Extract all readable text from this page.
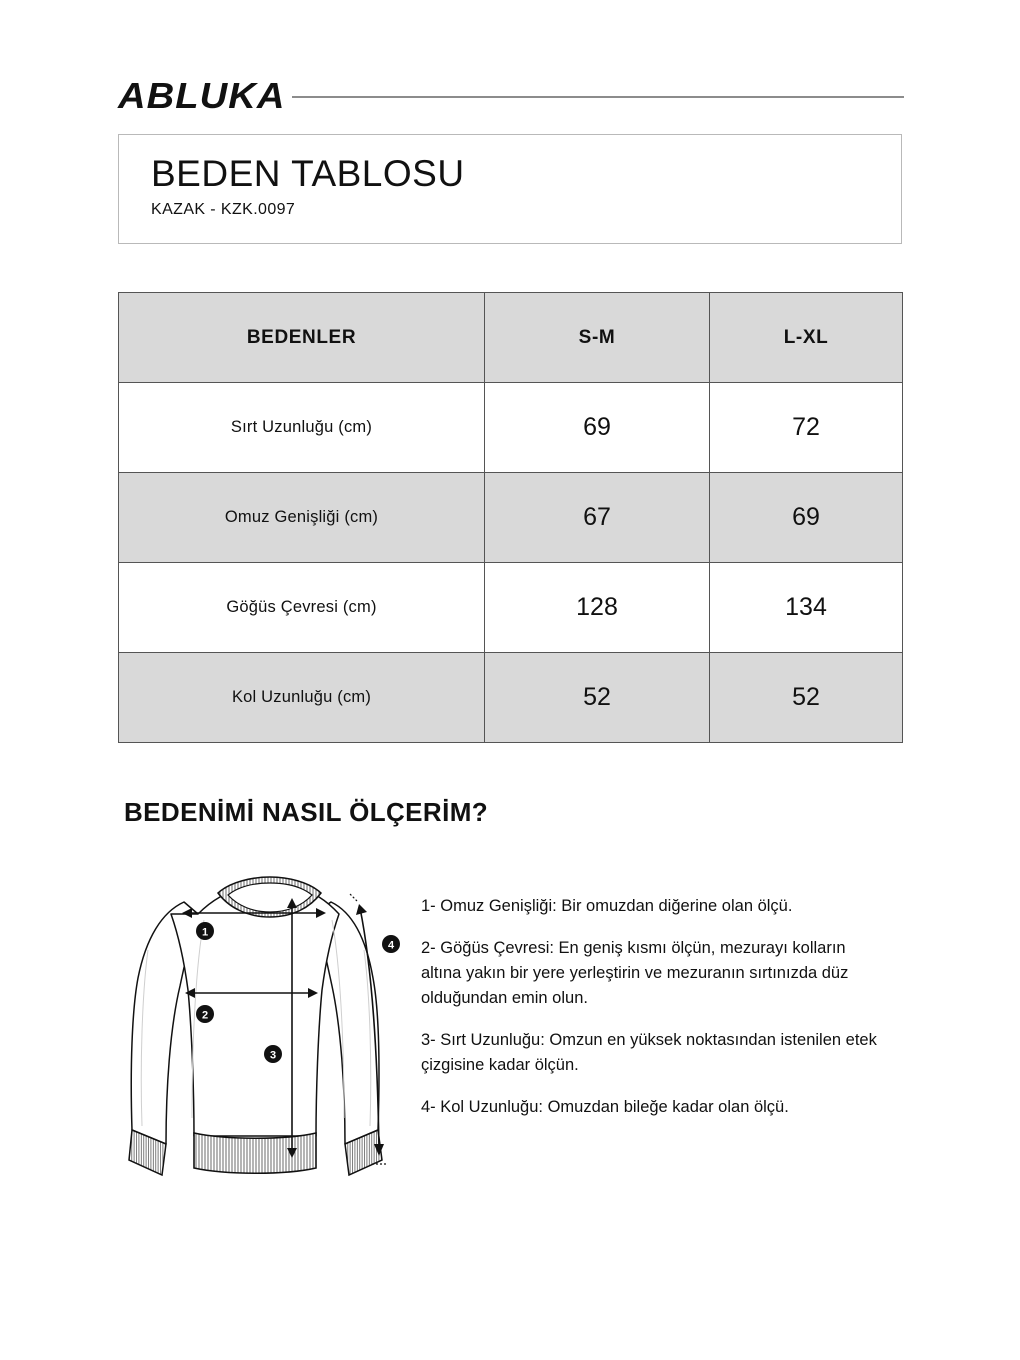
ABLUKA
BEDEN TABLOSU
KAZAK - KZK.0097
BEDENLER	S-M	L-XL
Sırt Uzunluğu (cm)	69	72
Omuz Genişliği (cm)	67	69
Göğüs Çevresi (cm)	128	134
Kol Uzunluğu (cm)	52	52
BEDENİMİ NASIL ÖLÇERİM?
1
2
3
4

1- Omuz Genişliği: Bir omuzdan diğerine olan ölçü.

2- Göğüs Çevresi: En geniş kısmı ölçün, mezurayı kolların altına yakın bir yere yerleştirin ve mezuranın sırtınızda düz olduğundan emin olun.

3- Sırt Uzunluğu: Omzun en yüksek noktasından istenilen etek çizgisine kadar ölçün.

4- Kol Uzunluğu: Omuzdan bileğe kadar olan ölçü.
